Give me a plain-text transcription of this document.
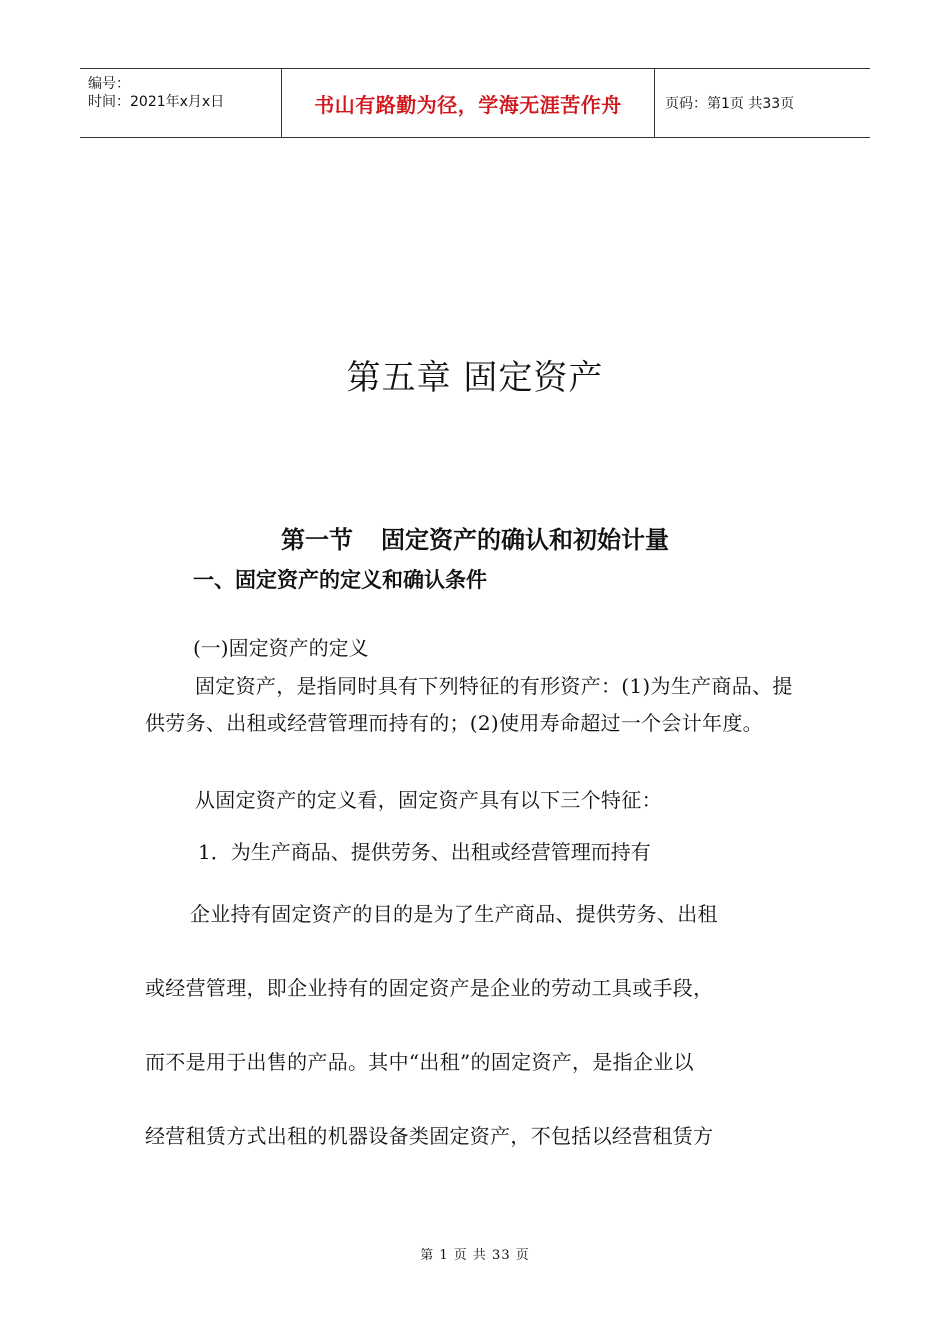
编号：
时间：2021年x月x日	书山有路勤为径，学海无涯苦作舟	页码：第1页 共33页
第五章 固定资产
第一节 固定资产的确认和初始计量
一、固定资产的定义和确认条件
(一)固定资产的定义
固定资产，是指同时具有下列特征的有形资产：(1)为生产商品、提供劳务、出租或经营管理而持有的；(2)使用寿命超过一个会计年度。
从固定资产的定义看，固定资产具有以下三个特征：
1．为生产商品、提供劳务、出租或经营管理而持有
企业持有固定资产的目的是为了生产商品、提供劳务、出租
或经营管理，即企业持有的固定资产是企业的劳动工具或手段，
而不是用于出售的产品。其中“出租”的固定资产，是指企业以
经营租赁方式出租的机器设备类固定资产，不包括以经营租赁方
第 1 页 共 33 页
